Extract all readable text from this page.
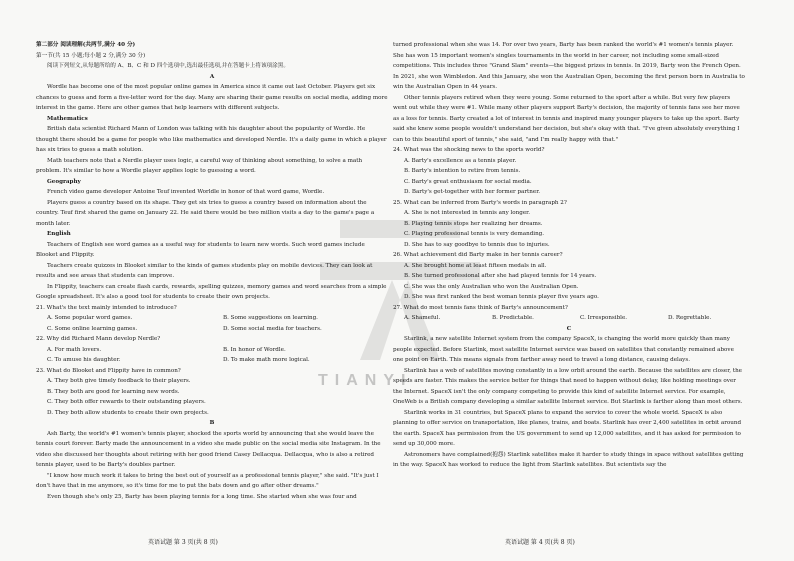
TIANYI

第二部分 阅读理解(共两节,满分 40 分)

第一节(共 15 小题;每小题 2 分,满分 30 分)

阅读下列短文,从每题所给的 A、B、C 和 D 四个选项中,选出最佳选项,并在答题卡上将该项涂黑。

A

Wordle has become one of the most popular online games in America since it came out last October. Players get six chances to guess and form a five-letter word for the day. Many are sharing their game results on social media, adding more interest in the game. Here are other games that help learners with different subjects.

Mathematics

British data scientist Richard Mann of London was talking with his daughter about the popularity of Wordle. He thought there should be a game for people who like mathematics and developed Nerdle. It's a daily game in which a player has six tries to guess a math solution.

Math teachers note that a Nerdle player uses logic, a careful way of thinking about something, to solve a math problem. It's similar to how a Wordle player applies logic to guessing a word.

Geography

French video game developer Antoine Teuf invented Worldle in honor of that word game, Wordle.

Players guess a country based on its shape. They get six tries to guess a country based on information about the country. Teuf first shared the game on January 22. He said there would be two million visits a day to the game's page a month later.

English

Teachers of English see word games as a useful way for students to learn new words. Such word games include Blooket and Flippity.

Teachers create quizzes in Blooket similar to the kinds of games students play on mobile devices. They can look at results and see areas that students can improve.

In Flippity, teachers can create flash cards, rewards, spelling quizzes, memory games and word searches from a simple Google spreadsheet. It's also a good tool for students to create their own projects.

21. What's the text mainly intended to introduce?

A. Some popular word games.	B. Some suggestions on learning.
C. Some online learning games.	D. Some social media for teachers.

22. Why did Richard Mann develop Nerdle?

A. For math lovers.	B. In honor of Wordle.
C. To amuse his daughter.	D. To make math more logical.

23. What do Blooket and Flippity have in common?

A. They both give timely feedback to their players.
B. They both are good for learning new words.
C. They both offer rewards to their outstanding players.
D. They both allow students to create their own projects.

B

Ash Barty, the world's #1 women's tennis player, shocked the sports world by announcing that she would leave the tennis court forever. Barty made the announcement in a video she made public on the social media site Instagram. In the video she discussed her thoughts about retiring with her good friend Casey Dellacqua. Dellacqua, who is also a retired tennis player, used to be Barty's doubles partner.

"I know how much work it takes to bring the best out of yourself as a professional tennis player," she said. "It's just I don't have that in me anymore, so it's time for me to put the bats down and go after other dreams."

Even though she's only 25, Barty has been playing tennis for a long time. She started when she was four and

turned professional when she was 14. For over two years, Barty has been ranked the world's #1 women's tennis player. She has won 15 important women's singles tournaments in the world in her career, not including some small-sized competitions. This includes three "Grand Slam" events—the biggest prizes in tennis. In 2019, Barty won the French Open. In 2021, she won Wimbledon. And this January, she won the Australian Open, becoming the first person born in Australia to win the Australian Open in 44 years.

Other tennis players retired when they were young. Some returned to the sport after a while. But very few players went out while they were #1. While many other players support Barty's decision, the majority of tennis fans see her move as a loss for tennis. Barty created a lot of interest in tennis and inspired many younger players to take up the sport. Barty said she knew some people wouldn't understand her decision, but she's okay with that. "I've given absolutely everything I can to this beautiful sport of tennis," she said, "and I'm really happy with that."

24. What was the shocking news to the sports world?

A. Barty's excellence as a tennis player.
B. Barty's intention to retire from tennis.
C. Barty's great enthusiasm for social media.
D. Barty's get-together with her former partner.

25. What can be inferred from Barty's words in paragraph 2?

A. She is not interested in tennis any longer.
B. Playing tennis stops her realizing her dreams.
C. Playing professional tennis is very demanding.
D. She has to say goodbye to tennis due to injuries.

26. What achievement did Barty make in her tennis career?

A. She brought home at least fifteen medals in all.
B. She turned professional after she had played tennis for 14 years.
C. She was the only Australian who won the Australian Open.
D. She was first ranked the best woman tennis player five years ago.

27. What do most tennis fans think of Barty's announcement?

A. Shameful.	B. Predictable.	C. Irresponsible.	D. Regrettable.

C

Starlink, a new satellite Internet system from the company SpaceX, is changing the world more quickly than many people expected. Before Starlink, most satellite Internet service was based on satellites that constantly remained above one point on Earth. This means signals from farther away need to travel a long distance, causing delays.

Starlink has a web of satellites moving constantly in a low orbit around the earth. Because the satellites are closer, the speeds are faster. This makes the service better for things that need to happen without delay, like holding meetings over the Internet. SpaceX isn't the only company competing to provide this kind of satellite Internet service. For example, OneWeb is a British company developing a similar satellite Internet service. But Starlink is farther along than most others.

Starlink works in 31 countries, but SpaceX plans to expand the service to cover the whole world. SpaceX is also planning to offer service on transportation, like planes, trains, and boats. Starlink has over 2,400 satellites in orbit around the earth. SpaceX has permission from the US government to send up 12,000 satellites, and it has asked for permission to send up 30,000 more.

Astronomers have complained(抱怨) Starlink satellites make it harder to study things in space without satellites getting in the way. SpaceX has worked to reduce the light from Starlink satellites. But scientists say the

英语试题 第 3 页(共 8 页)	英语试题 第 4 页(共 8 页)
